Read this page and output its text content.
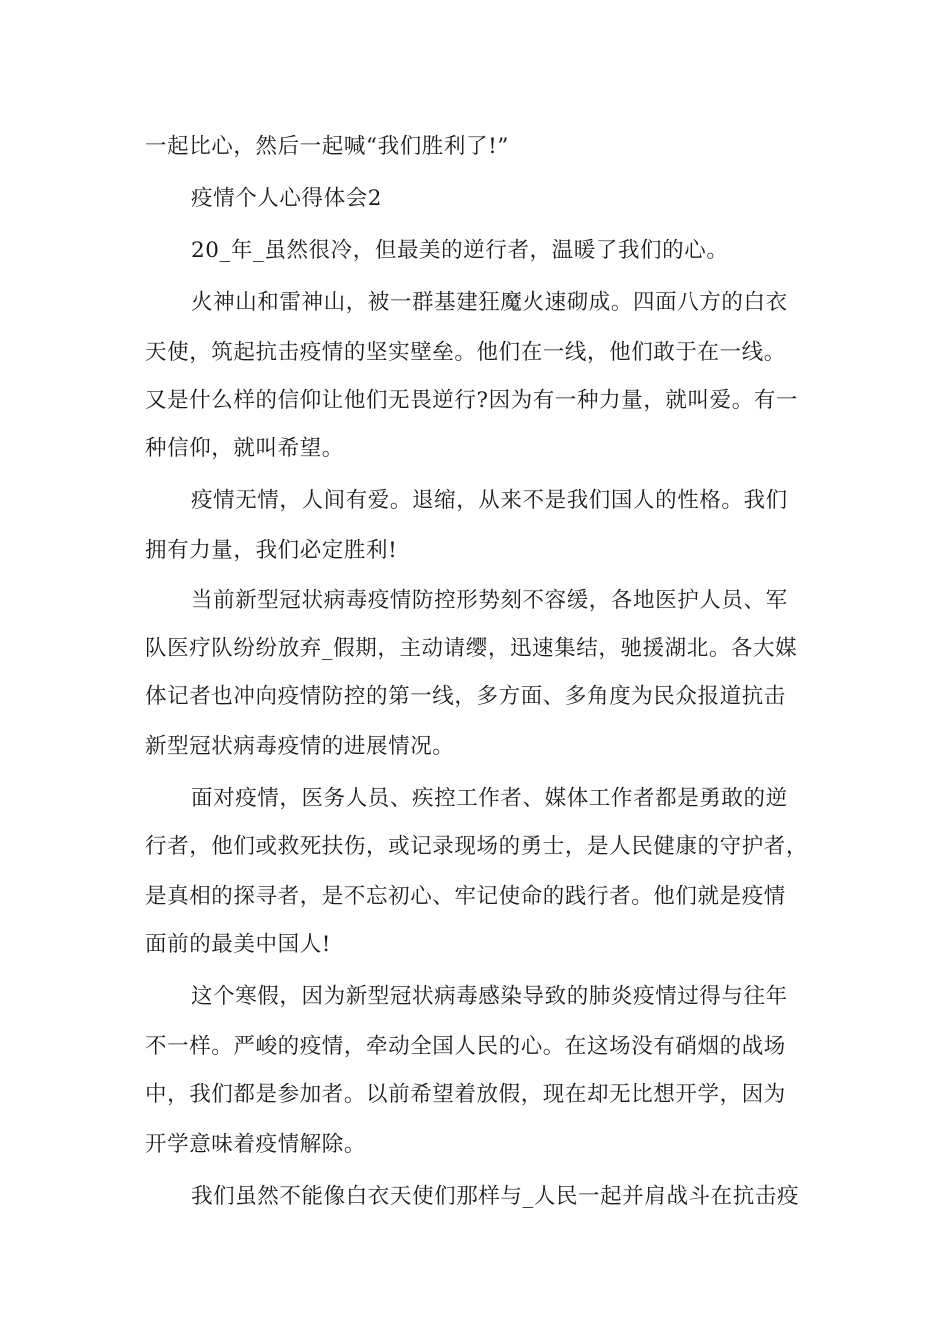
一起比心，然后一起喊“我们胜利了!”
疫情个人心得体会2
20_年_虽然很冷，但最美的逆行者，温暖了我们的心。
火神山和雷神山，被一群基建狂魔火速砌成。四面八方的白衣
天使，筑起抗击疫情的坚实壁垒。他们在一线，他们敢于在一线。
又是什么样的信仰让他们无畏逆行?因为有一种力量，就叫爱。有一
种信仰，就叫希望。
疫情无情，人间有爱。退缩，从来不是我们国人的性格。我们
拥有力量，我们必定胜利!
当前新型冠状病毒疫情防控形势刻不容缓，各地医护人员、军
队医疗队纷纷放弃_假期，主动请缨，迅速集结，驰援湖北。各大媒
体记者也冲向疫情防控的第一线，多方面、多角度为民众报道抗击
新型冠状病毒疫情的进展情况。
面对疫情，医务人员、疾控工作者、媒体工作者都是勇敢的逆
行者，他们或救死扶伤，或记录现场的勇士，是人民健康的守护者，
是真相的探寻者，是不忘初心、牢记使命的践行者。他们就是疫情
面前的最美中国人!
这个寒假，因为新型冠状病毒感染导致的肺炎疫情过得与往年
不一样。严峻的疫情，牵动全国人民的心。在这场没有硝烟的战场
中，我们都是参加者。以前希望着放假，现在却无比想开学，因为
开学意味着疫情解除。
我们虽然不能像白衣天使们那样与_人民一起并肩战斗在抗击疫
